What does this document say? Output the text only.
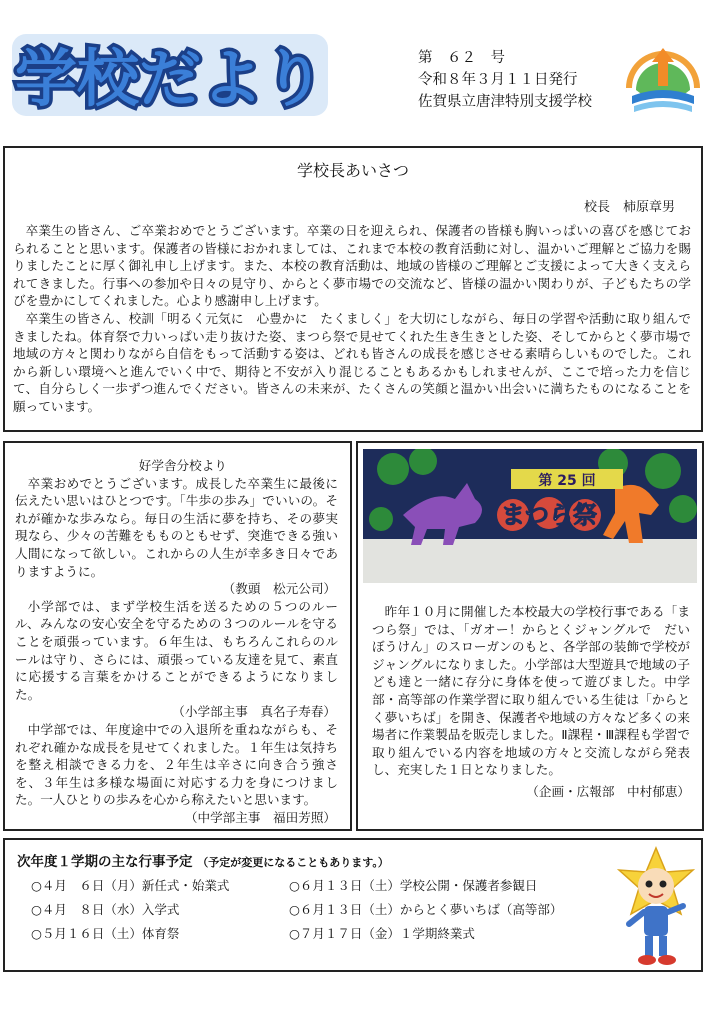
学校だより	第　６２　号
令和８年３月１１日発行
佐賀県立唐津特別支援学校
学校長あいさつ
校長　柿原章男

卒業生の皆さん、ご卒業おめでとうございます。卒業の日を迎えられ、保護者の皆様も胸いっぱいの喜びを感じておられることと思います。保護者の皆様におかれましては、これまで本校の教育活動に対し、温かいご理解とご協力を賜りましたことに厚く御礼申し上げます。また、本校の教育活動は、地域の皆様のご理解とご支援によって大きく支えられてきました。行事への参加や日々の見守り、からとく夢市場での交流など、皆様の温かい関わりが、子どもたちの学びを豊かにしてくれました。心より感謝申し上げます。

卒業生の皆さん、校訓「明るく元気に　心豊かに　たくましく」を大切にしながら、毎日の学習や活動に取り組んできましたね。体育祭で力いっぱい走り抜けた姿、まつら祭で見せてくれた生き生きとした姿、そしてからとく夢市場で地域の方々と関わりながら自信をもって活動する姿は、どれも皆さんの成長を感じさせる素晴らしいものでした。これから新しい環境へと進んでいく中で、期待と不安が入り混じることもあるかもしれませんが、ここで培った力を信じて、自分らしく一歩ずつ進んでください。皆さんの未来が、たくさんの笑顔と温かい出会いに満ちたものになることを願っています。

好学舎分校より

卒業おめでとうございます。成長した卒業生に最後に伝えたい思いはひとつです。「牛歩の歩み」でいいの。それが確かな歩みなら。毎日の生活に夢を持ち、その夢実現なら、少々の苦難をもものともせず、突進できる強い人間になって欲しい。これからの人生が幸多き日々でありますように。

（教頭　松元公司）

小学部では、まず学校生活を送るための５つのルール、みんなの安心安全を守るための３つのルールを守ることを頑張っています。６年生は、もちろんこれらのルールは守り、さらには、頑張っている友達を見て、素直に応援する言葉をかけることができるようになりました。

（小学部主事　真名子寿春）

中学部では、年度途中での入退所を重ねながらも、それぞれ確かな成長を見せてくれました。１年生は気持ちを整え相談できる力を、２年生は辛さに向き合う強さを、３年生は多様な場面に対応する力を身につけました。一人ひとりの歩みを心から称えたいと思います。

（中学部主事　福田芳照）

第 25 回
まつら祭

昨年１０月に開催した本校最大の学校行事である「まつら祭」では、「ガオー！からとくジャングルで　だいぼうけん」のスローガンのもと、各学部の装飾で学校がジャングルになりました。小学部は大型遊具で地域の子ども達と一緒に存分に身体を使って遊びました。中学部・高等部の作業学習に取り組んでいる生徒は「からとく夢いちば」を開き、保護者や地域の方々など多くの来場者に作業製品を販売しました。Ⅱ課程・Ⅲ課程も学習で取り組んでいる内容を地域の方々と交流しながら発表し、充実した１日となりました。

（企画・広報部　中村郁恵）

次年度１学期の主な行事予定 （予定が変更になることもあります。）
○４月　６日（月）新任式・始業式	○６月１３日（土）学校公開・保護者参観日
○４月　８日（水）入学式	○６月１３日（土）からとく夢いちば（高等部）
○５月１６日（土）体育祭	○７月１７日（金）１学期終業式
